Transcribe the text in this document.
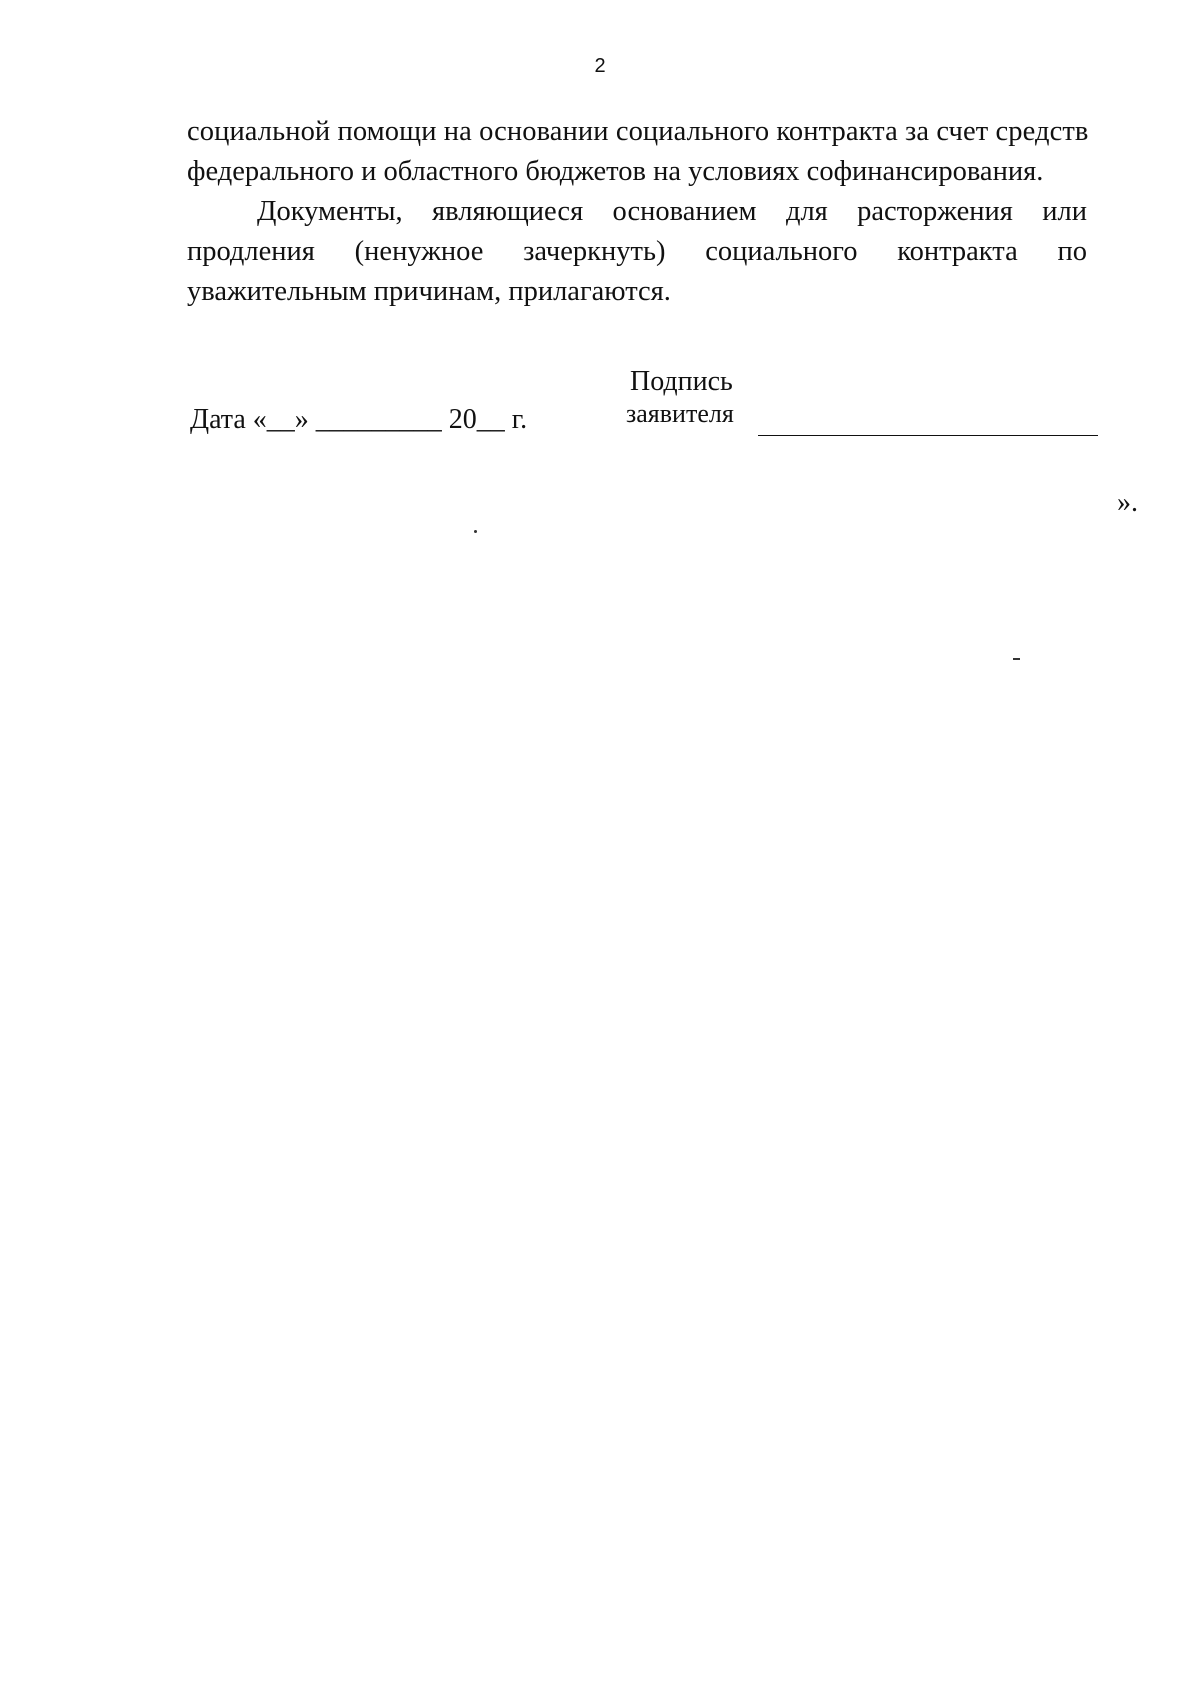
2
социальной помощи на основании социального контракта за счет средств
федерального и областного бюджетов на условиях софинансирования.
Документы, являющиеся основанием для расторжения или
продления (ненужное зачеркнуть) социального контракта по
уважительным причинам, прилагаются.
Дата «__» _________ 20__ г.
Подпись
заявителя
».
